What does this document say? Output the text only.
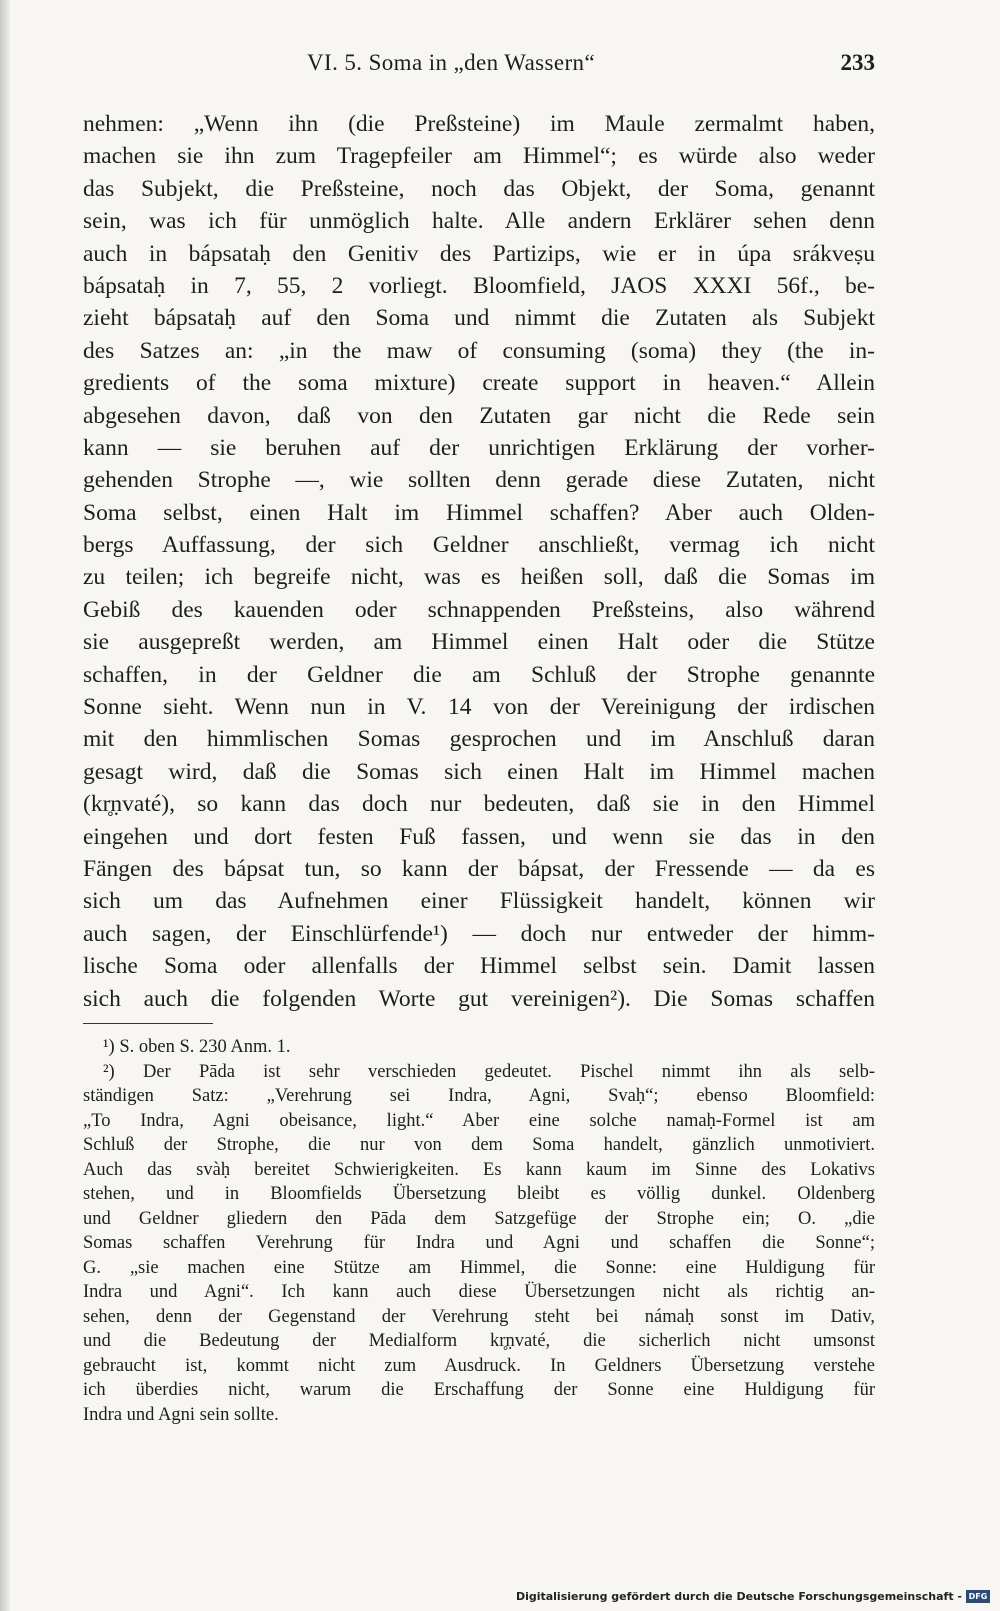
VI. 5. Soma in „den Wassern“	233
nehmen: „Wenn ihn (die Preßsteine) im Maule zermalmt haben,
machen sie ihn zum Tragepfeiler am Himmel“; es würde also weder
das Subjekt, die Preßsteine, noch das Objekt, der Soma, genannt
sein, was ich für unmöglich halte. Alle andern Erklärer sehen denn
auch in bápsataḥ den Genitiv des Partizips, wie er in úpa srákveṣu
bápsataḥ in 7, 55, 2 vorliegt. Bloomfield, JAOS XXXI 56f., be-
zieht bápsataḥ auf den Soma und nimmt die Zutaten als Subjekt
des Satzes an: „in the maw of consuming (soma) they (the in-
gredients of the soma mixture) create support in heaven.“ Allein
abgesehen davon, daß von den Zutaten gar nicht die Rede sein
kann — sie beruhen auf der unrichtigen Erklärung der vorher-
gehenden Strophe —, wie sollten denn gerade diese Zutaten, nicht
Soma selbst, einen Halt im Himmel schaffen? Aber auch Olden-
bergs Auffassung, der sich Geldner anschließt, vermag ich nicht
zu teilen; ich begreife nicht, was es heißen soll, daß die Somas im
Gebiß des kauenden oder schnappenden Preßsteins, also während
sie ausgepreßt werden, am Himmel einen Halt oder die Stütze
schaffen, in der Geldner die am Schluß der Strophe genannte
Sonne sieht. Wenn nun in V. 14 von der Vereinigung der irdischen
mit den himmlischen Somas gesprochen und im Anschluß daran
gesagt wird, daß die Somas sich einen Halt im Himmel machen
(kr̥ṇvaté), so kann das doch nur bedeuten, daß sie in den Himmel
eingehen und dort festen Fuß fassen, und wenn sie das in den
Fängen des bápsat tun, so kann der bápsat, der Fressende — da es
sich um das Aufnehmen einer Flüssigkeit handelt, können wir
auch sagen, der Einschlürfende¹) — doch nur entweder der himm-
lische Soma oder allenfalls der Himmel selbst sein. Damit lassen
sich auch die folgenden Worte gut vereinigen²). Die Somas schaffen
¹) S. oben S. 230 Anm. 1.
²) Der Pāda ist sehr verschieden gedeutet. Pischel nimmt ihn als selb-
ständigen Satz: „Verehrung sei Indra, Agni, Svaḥ“; ebenso Bloomfield:
„To Indra, Agni obeisance, light.“ Aber eine solche namaḥ-Formel ist am
Schluß der Strophe, die nur von dem Soma handelt, gänzlich unmotiviert.
Auch das svàḥ bereitet Schwierigkeiten. Es kann kaum im Sinne des Lokativs
stehen, und in Bloomfields Übersetzung bleibt es völlig dunkel. Oldenberg
und Geldner gliedern den Pāda dem Satzgefüge der Strophe ein; O. „die
Somas schaffen Verehrung für Indra und Agni und schaffen die Sonne“;
G. „sie machen eine Stütze am Himmel, die Sonne: eine Huldigung für
Indra und Agni“. Ich kann auch diese Übersetzungen nicht als richtig an-
sehen, denn der Gegenstand der Verehrung steht bei námaḥ sonst im Dativ,
und die Bedeutung der Medialform kr̥ṇvaté, die sicherlich nicht umsonst
gebraucht ist, kommt nicht zum Ausdruck. In Geldners Übersetzung verstehe
ich überdies nicht, warum die Erschaffung der Sonne eine Huldigung für
Indra und Agni sein sollte.
Digitalisierung gefördert durch die Deutsche Forschungsgemeinschaft - DFG
